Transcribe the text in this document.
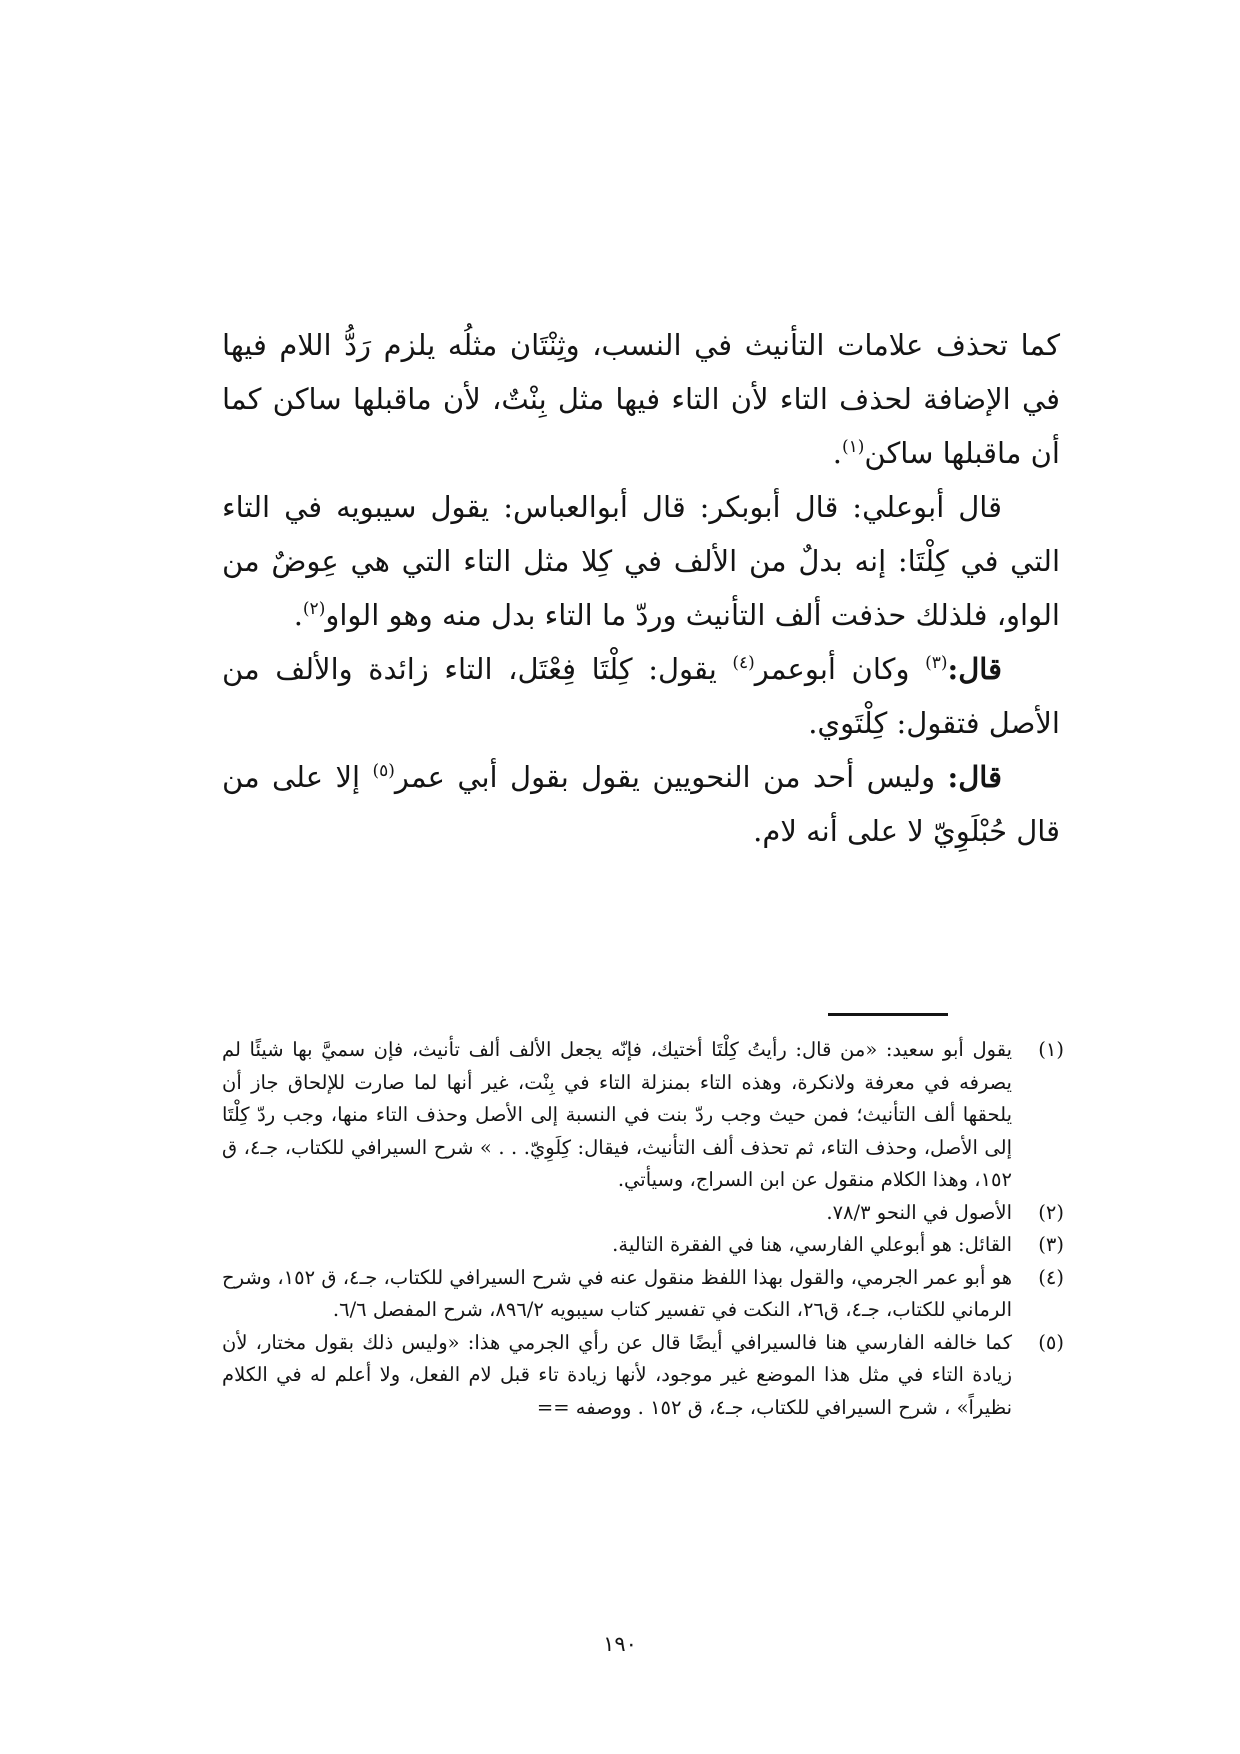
كما تحذف علامات التأنيث في النسب، وثِنْتَان مثلُه يلزم رَدُّ اللام فيها في الإضافة لحذف التاء لأن التاء فيها مثل بِنْتٌ، لأن ماقبلها ساكن كما أن ماقبلها ساكن$^{(١)}$.

قال أبوعلي: قال أبوبكر: قال أبوالعباس: يقول سيبويه في التاء التي في كِلْتَا: إنه بدلٌ من الألف في كِلا مثل التاء التي هي عِوضٌ من الواو، فلذلك حذفت ألف التأنيث وردّ ما التاء بدل منه وهو الواو$^{(٢)}$.

قال:$^{(٣)}$ وكان أبوعمر$^{(٤)}$ يقول: كِلْتَا فِعْتَل، التاء زائدة والألف من الأصل فتقول: كِلْتَوي.

قال: وليس أحد من النحويين يقول بقول أبي عمر$^{(٥)}$ إلا على من قال حُبْلَوِيّ لا على أنه لام.

(١)
يقول أبو سعيد: «من قال: رأيتُ كِلْتَا أختيك، فإنّه يجعل الألف ألف تأنيث، فإن سميَّ بها شيئًا لم يصرفه في معرفة ولانكرة، وهذه التاء بمنزلة التاء في بِنْت، غير أنها لما صارت للإلحاق جاز أن يلحقها ألف التأنيث؛ فمن حيث وجب ردّ بنت في النسبة إلى الأصل وحذف التاء منها، وجب ردّ كِلْتَا إلى الأصل، وحذف التاء، ثم تحذف ألف التأنيث، فيقال: كِلَوِيّ. . . » شرح السيرافي للكتاب، جـ٤، ق ١٥٢، وهذا الكلام منقول عن ابن السراج، وسيأتي.
(٢)
الأصول في النحو ٧٨/٣.
(٣)
القائل: هو أبوعلي الفارسي، هنا في الفقرة التالية.
(٤)
هو أبو عمر الجرمي، والقول بهذا اللفظ منقول عنه في شرح السيرافي للكتاب، جـ٤، ق ١٥٢، وشرح الرماني للكتاب، جـ٤، ق٢٦، النكت في تفسير كتاب سيبويه ٨٩٦/٢، شرح المفصل ٦/٦.
(٥)
كما خالفه الفارسي هنا فالسيرافي أيضًا قال عن رأي الجرمي هذا: «وليس ذلك بقول مختار، لأن زيادة التاء في مثل هذا الموضع غير موجود، لأنها زيادة تاء قبل لام الفعل، ولا أعلم له في الكلام نظيراً» ، شرح السيرافي للكتاب، جـ٤، ق ١٥٢ . ووصفه ==
١٩٠
